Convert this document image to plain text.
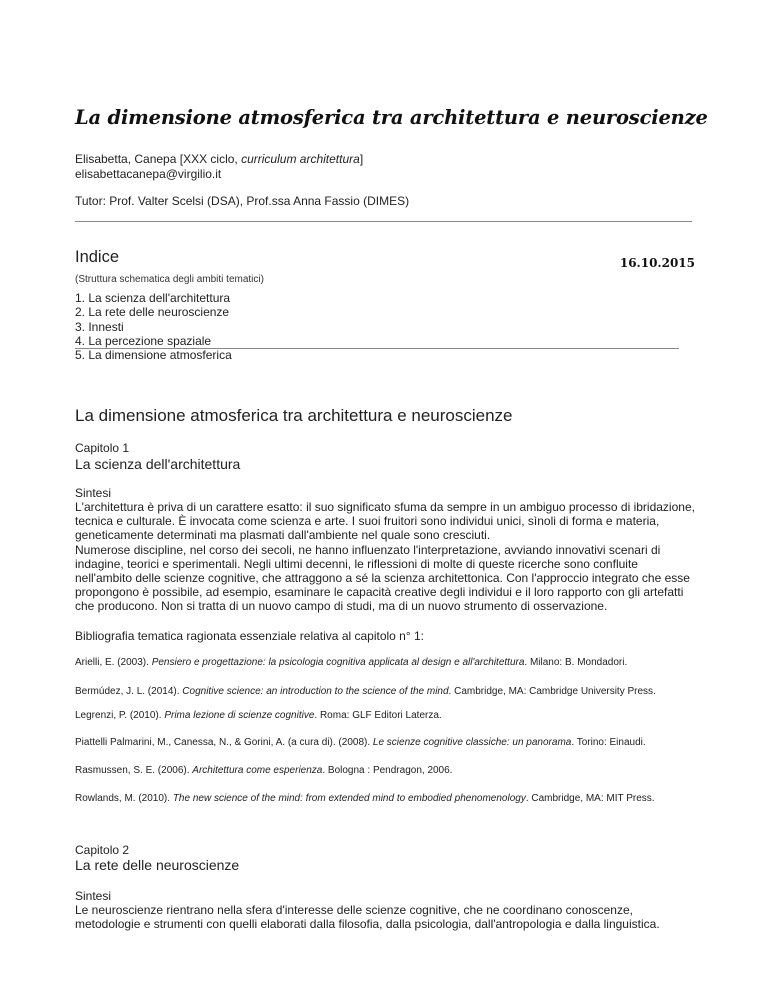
La dimensione atmosferica tra architettura e neuroscienze
Elisabetta, Canepa [XXX ciclo, curriculum architettura]
elisabettacanepa@virgilio.it
Tutor: Prof. Valter Scelsi (DSA), Prof.ssa Anna Fassio (DIMES)
Indice	16.10.2015
(Struttura schematica degli ambiti tematici)
1. La scienza dell'architettura
2. La rete delle neuroscienze
3. Innesti
4. La percezione spaziale
5. La dimensione atmosferica
La dimensione atmosferica tra architettura e neuroscienze
Capitolo 1
La scienza dell'architettura
Sintesi

L'architettura è priva di un carattere esatto: il suo significato sfuma da sempre in un ambiguo processo di ibridazione, tecnica e culturale. È invocata come scienza e arte. I suoi fruitori sono individui unici, sìnoli di forma e materia, geneticamente determinati ma plasmati dall'ambiente nel quale sono cresciuti.
Numerose discipline, nel corso dei secoli, ne hanno influenzato l'interpretazione, avviando innovativi scenari di indagine, teorici e sperimentali. Negli ultimi decenni, le riflessioni di molte di queste ricerche sono confluite nell'ambito delle scienze cognitive, che attraggono a sé la scienza architettonica. Con l'approccio integrato che esse propongono è possibile, ad esempio, esaminare le capacità creative degli individui e il loro rapporto con gli artefatti che producono. Non si tratta di un nuovo campo di studi, ma di un nuovo strumento di osservazione.

Bibliografia tematica ragionata essenziale relativa al capitolo n° 1:
Arielli, E. (2003). Pensiero e progettazione: la psicologia cognitiva applicata al design e all'architettura. Milano: B. Mondadori.
Bermúdez, J. L. (2014). Cognitive science: an introduction to the science of the mind. Cambridge, MA: Cambridge University Press.
Legrenzi, P. (2010). Prima lezione di scienze cognitive. Roma: GLF Editori Laterza.
Piattelli Palmarini, M., Canessa, N., & Gorini, A. (a cura di). (2008). Le scienze cognitive classiche: un panorama. Torino: Einaudi.
Rasmussen, S. E. (2006). Architettura come esperienza. Bologna : Pendragon, 2006.
Rowlands, M. (2010). The new science of the mind: from extended mind to embodied phenomenology. Cambridge, MA: MIT Press.
Capitolo 2
La rete delle neuroscienze
Sintesi

Le neuroscienze rientrano nella sfera d'interesse delle scienze cognitive, che ne coordinano conoscenze, metodologie e strumenti con quelli elaborati dalla filosofia, dalla psicologia, dall'antropologia e dalla linguistica.
